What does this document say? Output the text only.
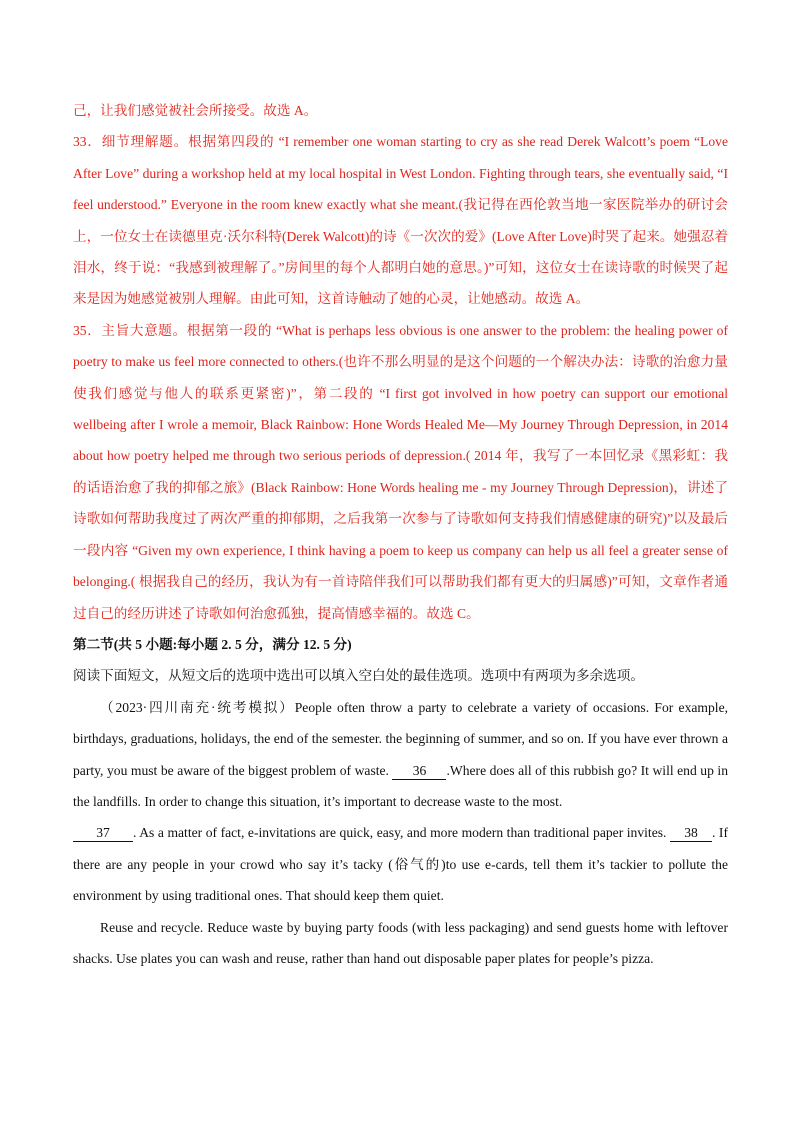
己，让我们感觉被社会所接受。故选 A。

33．细节理解题。根据第四段的 “I remember one woman starting to cry as she read Derek Walcott’s poem “Love After Love” during a workshop held at my local hospital in West London. Fighting through tears, she eventually said, “I feel understood.” Everyone in the room knew exactly what she meant.(我记得在西伦敦当地一家医院举办的研讨会上，一位女士在读德里克·沃尔科特(Derek Walcott)的诗《一次次的爱》(Love After Love)时哭了起来。她强忍着泪水，终于说：“我感到被理解了。”房间里的每个人都明白她的意思。)”可知，这位女士在读诗歌的时候哭了起来是因为她感觉被别人理解。由此可知，这首诗触动了她的心灵，让她感动。故选 A。

35．主旨大意题。根据第一段的 “What is perhaps less obvious is one answer to the problem: the healing power of poetry to make us feel more connected to others.(也许不那么明显的是这个问题的一个解决办法：诗歌的治愈力量使我们感觉与他人的联系更紧密)”，第二段的 “I first got involved in how poetry can support our emotional wellbeing after I wrole a memoir, Black Rainbow: Hone Words Healed Me—My Journey Through Depression, in 2014 about how poetry helped me through two serious periods of depression.( 2014 年，我写了一本回忆录《黑彩虹：我的话语治愈了我的抑郁之旅》(Black Rainbow: Hone Words healing me - my Journey Through Depression)，讲述了诗歌如何帮助我度过了两次严重的抑郁期，之后我第一次参与了诗歌如何支持我们情感健康的研究)”以及最后一段内容 “Given my own experience, I think having a poem to keep us company can help us all feel a greater sense of belonging.( 根据我自己的经历，我认为有一首诗陪伴我们可以帮助我们都有更大的归属感)”可知，文章作者通过自己的经历讲述了诗歌如何治愈孤独，提高情感幸福的。故选 C。

第二节(共 5 小题:每小题 2. 5 分，满分 12. 5 分)

阅读下面短文，从短文后的选项中选出可以填入空白处的最佳选项。选项中有两项为多余选项。

（2023·四川南充·统考模拟）People often throw a party to celebrate a variety of occasions. For example, birthdays, graduations, holidays, the end of the semester. the beginning of summer, and so on. If you have ever thrown a party, you must be aware of the biggest problem of waste. 36 .Where does all of this rubbish go? It will end up in the landfills. In order to change this situation, it’s important to decrease waste to the most.

37 . As a matter of fact, e-invitations are quick, easy, and more modern than traditional paper invites. 38 . If there are any people in your crowd who say it’s tacky (俗气的)to use e-cards, tell them it’s tackier to pollute the environment by using traditional ones. That should keep them quiet.

Reuse and recycle. Reduce waste by buying party foods (with less packaging) and send guests home with leftover shacks. Use plates you can wash and reuse, rather than hand out disposable paper plates for people’s pizza.
